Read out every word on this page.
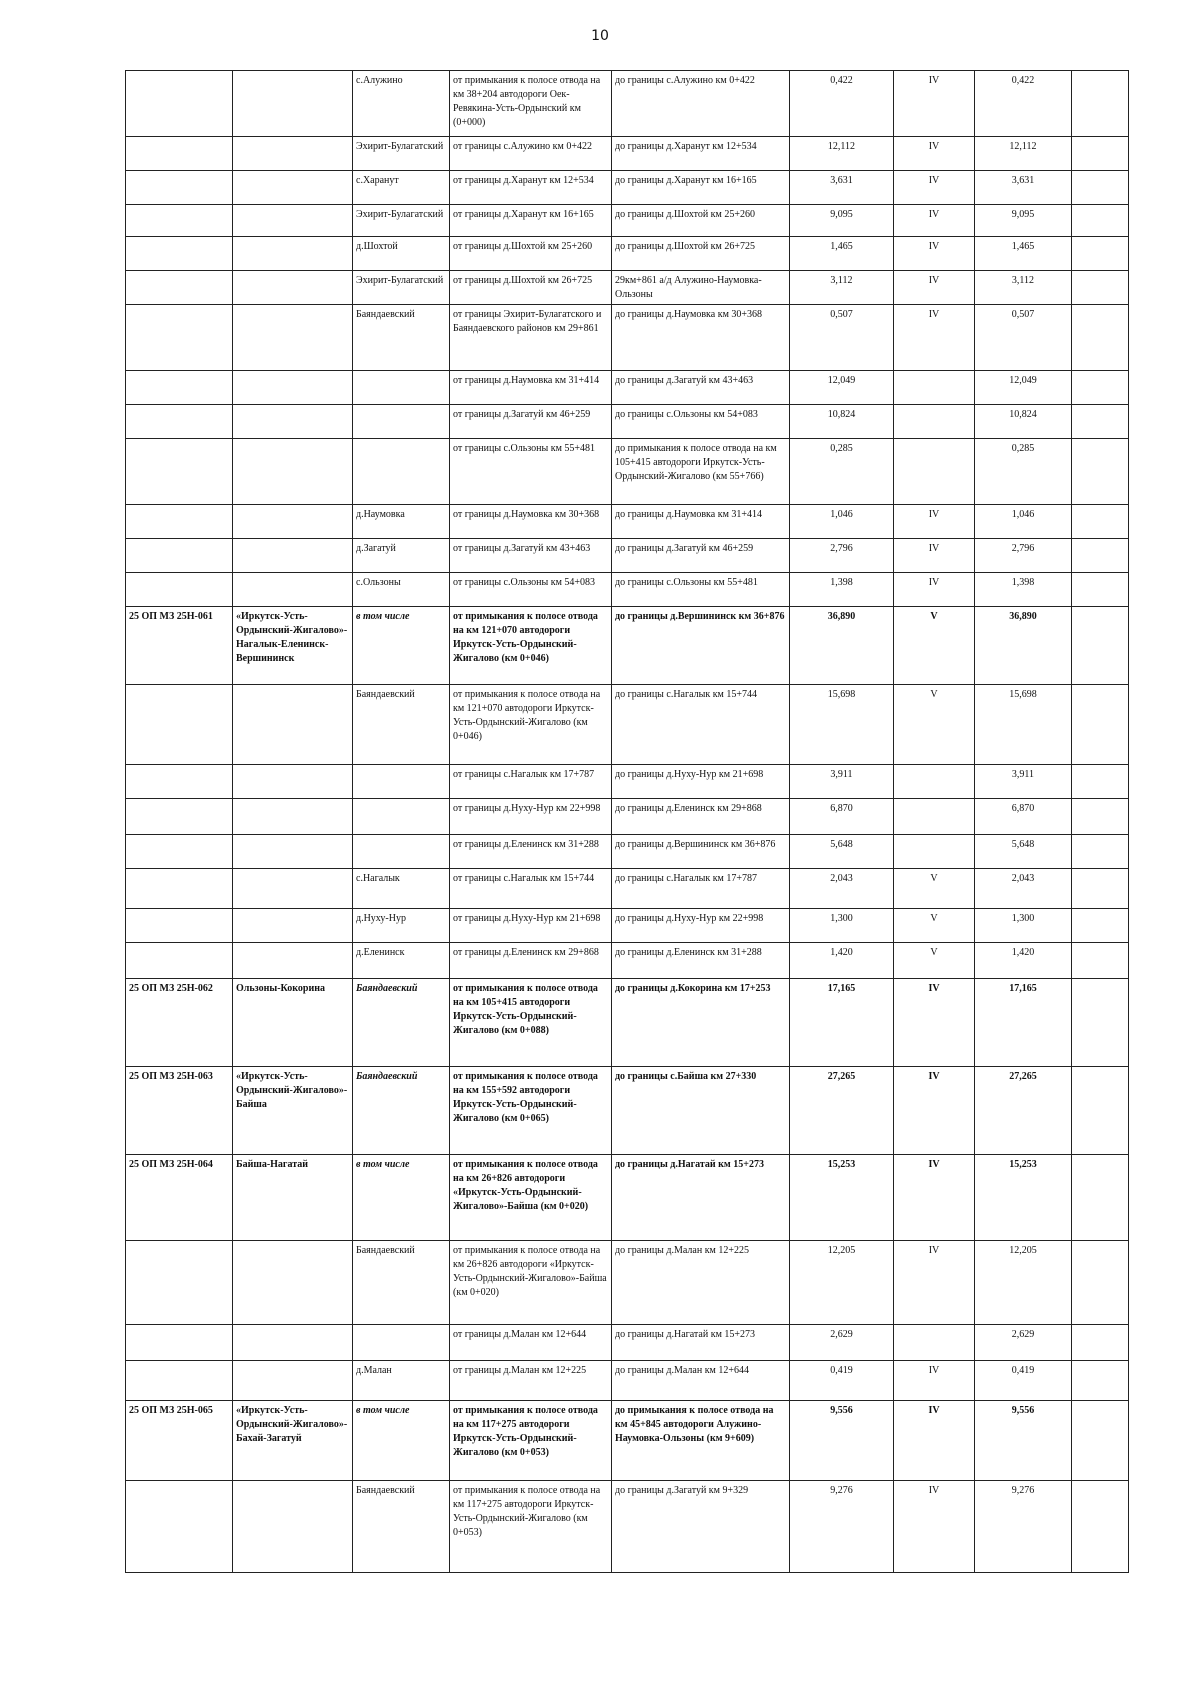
10
		с.Алужино	от примыкания к полосе отвода на км 38+204 автодороги Оек-Ревякина-Усть-Ордынский км (0+000)	до границы с.Алужино км 0+422	0,422	IV	0,422	
		Эхирит-Булагатский	от границы с.Алужино км 0+422	до границы д.Харанут км 12+534	12,112	IV	12,112	
		с.Харанут	от границы д.Харанут км 12+534	до границы д.Харанут км 16+165	3,631	IV	3,631	
		Эхирит-Булагатский	от границы д.Харанут км 16+165	до границы д.Шохтой км 25+260	9,095	IV	9,095	
		д.Шохтой	от границы д.Шохтой км 25+260	до границы д.Шохтой км 26+725	1,465	IV	1,465	
		Эхирит-Булагатский	от границы д.Шохтой км 26+725	29км+861 а/д Алужино-Наумовка-Ользоны	3,112	IV	3,112	
		Баяндаевский	от границы Эхирит-Булагатского и Баяндаевского районов км 29+861	до границы д.Наумовка км 30+368	0,507	IV	0,507	
			от границы д.Наумовка км 31+414	до границы д.Загатуй км 43+463	12,049		12,049	
			от границы д.Загатуй км 46+259	до границы с.Ользоны км 54+083	10,824		10,824	
			от границы с.Ользоны км 55+481	до примыкания к полосе отвода на км 105+415 автодороги Иркутск-Усть-Ордынский-Жигалово (км 55+766)	0,285		0,285	
		д.Наумовка	от границы д.Наумовка км 30+368	до границы д.Наумовка км 31+414	1,046	IV	1,046	
		д.Загатуй	от границы д.Загатуй км 43+463	до границы д.Загатуй км 46+259	2,796	IV	2,796	
		с.Ользоны	от границы с.Ользоны км 54+083	до границы с.Ользоны км 55+481	1,398	IV	1,398	
25 ОП МЗ 25Н-061	«Иркутск-Усть-Ордынский-Жигалово»-Нагалык-Еленинск-Вершининск	в том числе	от примыкания к полосе отвода на км 121+070 автодороги Иркутск-Усть-Ордынский-Жигалово (км 0+046)	до границы д.Вершининск км 36+876	36,890	V	36,890	
		Баяндаевский	от примыкания к полосе отвода на км 121+070 автодороги Иркутск-Усть-Ордынский-Жигалово (км 0+046)	до границы с.Нагалык км 15+744	15,698	V	15,698	
			от границы с.Нагалык км 17+787	до границы д.Нуху-Нур км 21+698	3,911		3,911	
			от границы д.Нуху-Нур км 22+998	до границы д.Еленинск км 29+868	6,870		6,870	
			от границы д.Еленинск км 31+288	до границы д.Вершининск км 36+876	5,648		5,648	
		с.Нагалык	от границы с.Нагалык км 15+744	до границы с.Нагалык км 17+787	2,043	V	2,043	
		д.Нуху-Нур	от границы д.Нуху-Нур км 21+698	до границы д.Нуху-Нур км 22+998	1,300	V	1,300	
		д.Еленинск	от границы д.Еленинск км 29+868	до границы д.Еленинск км 31+288	1,420	V	1,420	
25 ОП МЗ 25Н-062	Ользоны-Кокорина	Баяндаевский	от примыкания к полосе отвода на км 105+415 автодороги Иркутск-Усть-Ордынский-Жигалово (км 0+088)	до границы д.Кокорина км 17+253	17,165	IV	17,165	
25 ОП МЗ 25Н-063	«Иркутск-Усть-Ордынский-Жигалово»-Байша	Баяндаевский	от примыкания к полосе отвода на км 155+592 автодороги Иркутск-Усть-Ордынский-Жигалово (км 0+065)	до границы с.Байша км 27+330	27,265	IV	27,265	
25 ОП МЗ 25Н-064	Байша-Нагатай	в том числе	от примыкания к полосе отвода на км 26+826 автодороги «Иркутск-Усть-Ордынский-Жигалово»-Байша (км 0+020)	до границы д.Нагатай км 15+273	15,253	IV	15,253	
		Баяндаевский	от примыкания к полосе отвода на км 26+826 автодороги «Иркутск-Усть-Ордынский-Жигалово»-Байша (км 0+020)	до границы д.Малан км 12+225	12,205	IV	12,205	
			от границы д.Малан км 12+644	до границы д.Нагатай км 15+273	2,629		2,629	
		д.Малан	от границы д.Малан км 12+225	до границы д.Малан км 12+644	0,419	IV	0,419	
25 ОП МЗ 25Н-065	«Иркутск-Усть-Ордынский-Жигалово»-Бахай-Загатуй	в том числе	от примыкания к полосе отвода на км 117+275 автодороги Иркутск-Усть-Ордынский-Жигалово (км 0+053)	до примыкания к полосе отвода на км 45+845 автодороги Алужино-Наумовка-Ользоны (км 9+609)	9,556	IV	9,556	
		Баяндаевский	от примыкания к полосе отвода на км 117+275 автодороги Иркутск-Усть-Ордынский-Жигалово (км 0+053)	до границы д.Загатуй км 9+329	9,276	IV	9,276	
